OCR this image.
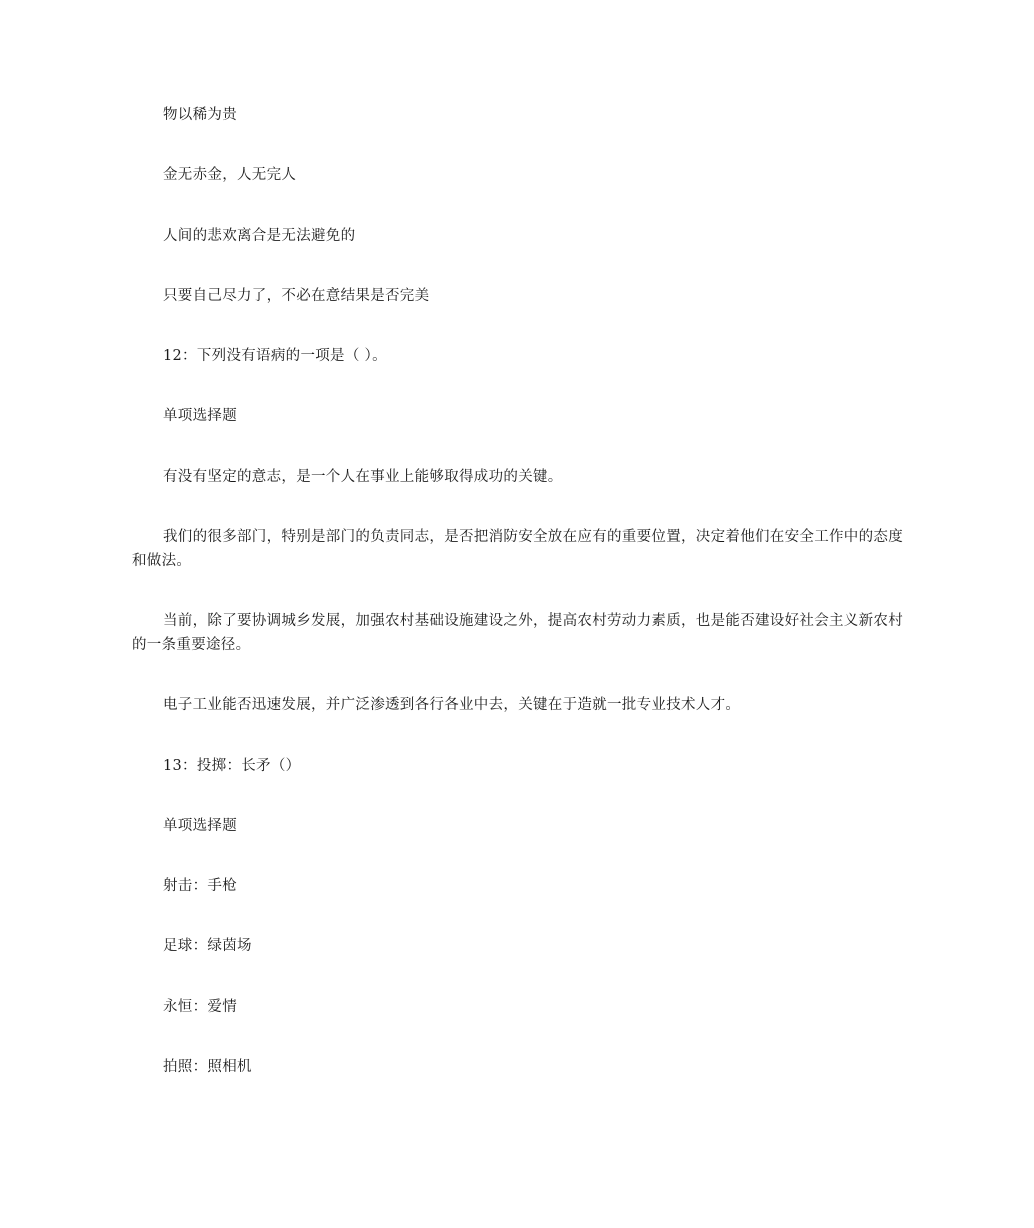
物以稀为贵

金无赤金，人无完人

人间的悲欢离合是无法避免的

只要自己尽力了，不必在意结果是否完美

12：下列没有语病的一项是（ ）。

单项选择题

有没有坚定的意志，是一个人在事业上能够取得成功的关键。

我们的很多部门，特别是部门的负责同志，是否把消防安全放在应有的重要位置，决定着他们在安全工作中的态度和做法。

当前，除了要协调城乡发展，加强农村基础设施建设之外，提高农村劳动力素质，也是能否建设好社会主义新农村的一条重要途径。

电子工业能否迅速发展，并广泛渗透到各行各业中去，关键在于造就一批专业技术人才。

13：投掷：长矛（）

单项选择题

射击：手枪

足球：绿茵场

永恒：爱情

拍照：照相机
